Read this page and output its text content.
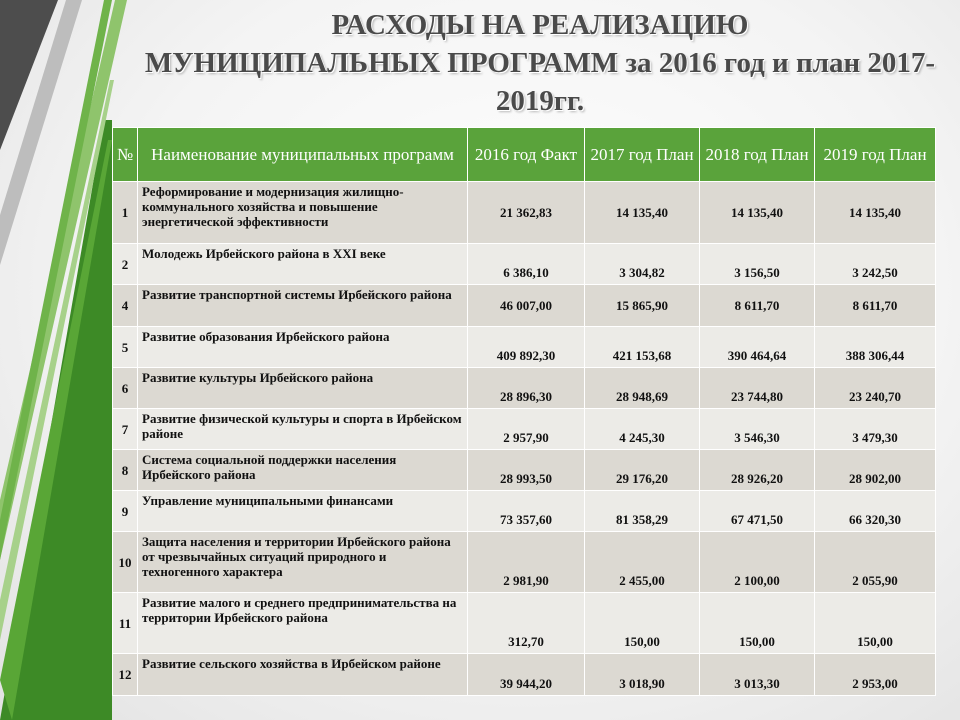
РАСХОДЫ НА РЕАЛИЗАЦИЮ
МУНИЦИПАЛЬНЫХ ПРОГРАММ за 2016 год и план 2017-
2019гг.
№	Наименование муниципальных программ	2016 год Факт	2017 год План	2018 год План	2019 год План
1	Реформирование и модернизация жилищно-коммунального хозяйства и повышение энергетической эффективности	21 362,83	14 135,40	14 135,40	14 135,40
2	Молодежь Ирбейского района в XXI веке	6 386,10	3 304,82	3 156,50	3 242,50
4	Развитие транспортной системы Ирбейского района	46 007,00	15 865,90	8 611,70	8 611,70
5	Развитие образования Ирбейского района	409 892,30	421 153,68	390 464,64	388 306,44
6	Развитие культуры Ирбейского района	28 896,30	28 948,69	23 744,80	23 240,70
7	Развитие физической культуры и спорта в Ирбейском районе	2 957,90	4 245,30	3 546,30	3 479,30
8	Система социальной поддержки населения Ирбейского района	28 993,50	29 176,20	28 926,20	28 902,00
9	Управление муниципальными финансами	73 357,60	81 358,29	67 471,50	66 320,30
10	Защита населения и территории Ирбейского района от чрезвычайных ситуаций природного и техногенного характера	2 981,90	2 455,00	2 100,00	2 055,90
11	Развитие малого и среднего предпринимательства на территории Ирбейского района	312,70	150,00	150,00	150,00
12	Развитие сельского хозяйства в Ирбейском районе	39 944,20	3 018,90	3 013,30	2 953,00
